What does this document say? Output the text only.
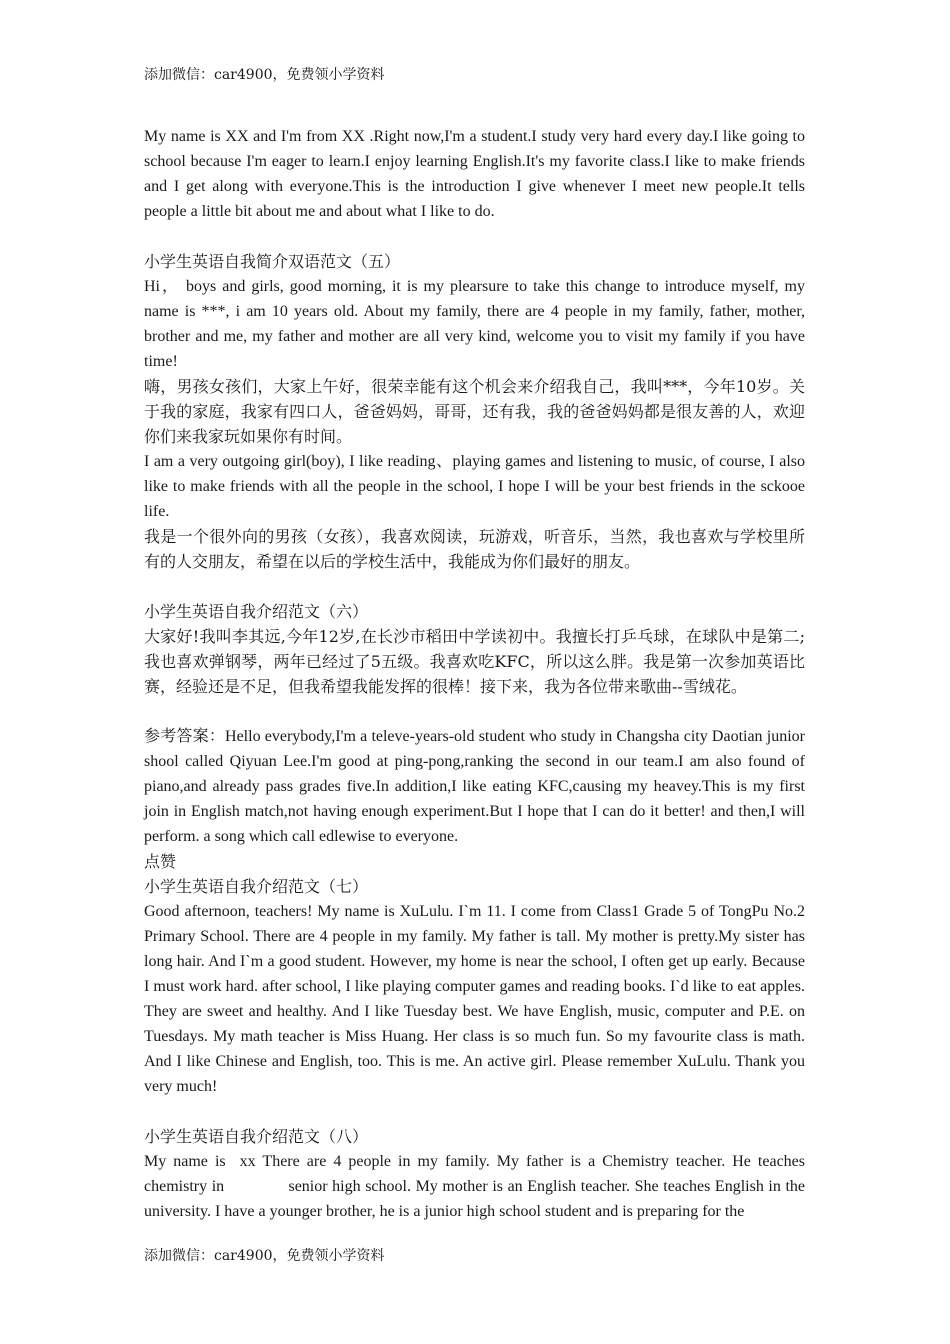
添加微信：car4900，免费领小学资料

My name is XX and I'm from XX .Right now,I'm a student.I study very hard every day.I like going to school because I'm eager to learn.I enjoy learning English.It's my favorite class.I like to make friends and I get along with everyone.This is the introduction I give whenever I meet new people.It tells people a little bit about me and about what I like to do.

小学生英语自我简介双语范文（五）

Hi， boys and girls, good morning, it is my plearsure to take this change to introduce myself, my name is ***, i am 10 years old. About my family, there are 4 people in my family, father, mother, brother and me, my father and mother are all very kind, welcome you to visit my family if you have time!

嗨，男孩女孩们，大家上午好，很荣幸能有这个机会来介绍我自己，我叫***，今年10岁。关于我的家庭，我家有四口人，爸爸妈妈，哥哥，还有我，我的爸爸妈妈都是很友善的人，欢迎你们来我家玩如果你有时间。

I am a very outgoing girl(boy), I like reading、playing games and listening to music, of course, I also like to make friends with all the people in the school, I hope I will be your best friends in the sckooe life.

我是一个很外向的男孩（女孩），我喜欢阅读，玩游戏，听音乐，当然，我也喜欢与学校里所有的人交朋友，希望在以后的学校生活中，我能成为你们最好的朋友。

小学生英语自我介绍范文（六）

大家好!我叫李其远,今年12岁,在长沙市稻田中学读初中。我擅长打乒乓球，在球队中是第二;我也喜欢弹钢琴，两年已经过了5五级。我喜欢吃KFC，所以这么胖。我是第一次参加英语比赛，经验还是不足，但我希望我能发挥的很棒！接下来，我为各位带来歌曲--雪绒花。

参考答案：Hello everybody,I'm a televe-years-old student who study in Changsha city Daotian junior shool called Qiyuan Lee.I'm good at ping-pong,ranking the second in our team.I am also found of piano,and already pass grades five.In addition,I like eating KFC,causing my heavey.This is my first join in English match,not having enough experiment.But I hope that I can do it better! and then,I will perform. a song which call edlewise to everyone.

点赞

小学生英语自我介绍范文（七）

Good afternoon, teachers! My name is XuLulu. I`m 11. I come from Class1 Grade 5 of TongPu No.2 Primary School. There are 4 people in my family. My father is tall. My mother is pretty.My sister has long hair. And I`m a good student. However, my home is near the school, I often get up early. Because I must work hard. after school, I like playing computer games and reading books. I`d like to eat apples. They are sweet and healthy. And I like Tuesday best. We have English, music, computer and P.E. on Tuesdays. My math teacher is Miss Huang. Her class is so much fun. So my favourite class is math. And I like Chinese and English, too. This is me. An active girl. Please remember XuLulu. Thank you very much!

小学生英语自我介绍范文（八）

My name is  xx There are 4 people in my family. My father is a Chemistry teacher. He teaches chemistry in              senior high school. My mother is an English teacher. She teaches English in the university. I have a younger brother, he is a junior high school student and is preparing for the

添加微信：car4900，免费领小学资料
